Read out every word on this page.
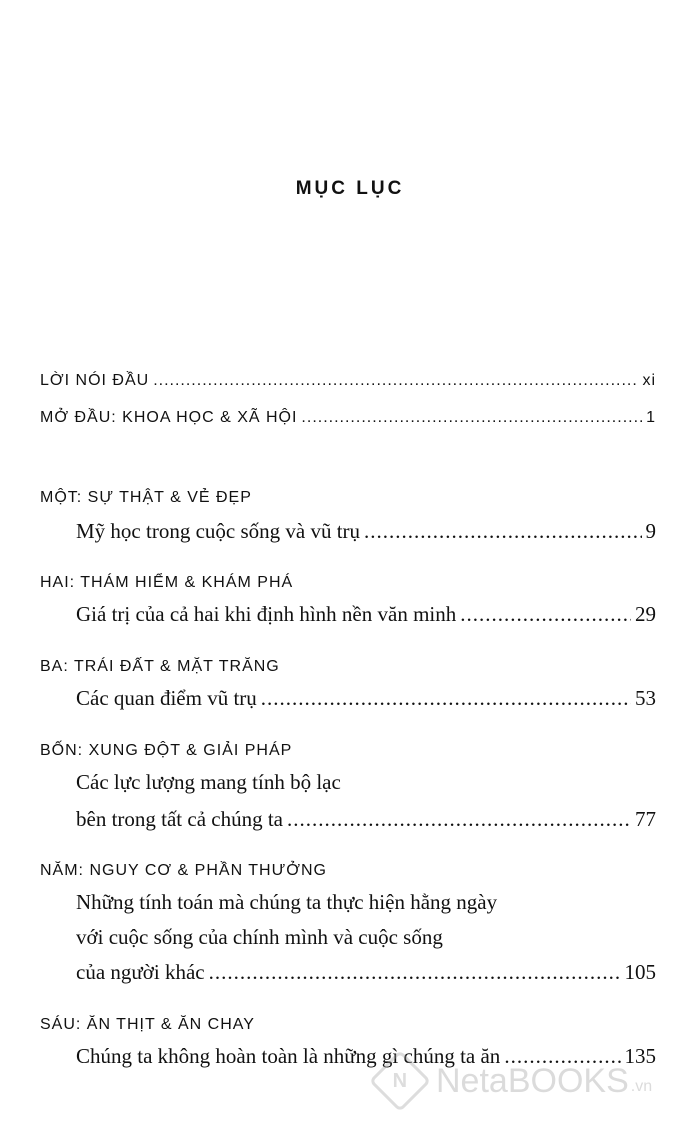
MỤC LỤC
LỜI NÓI ĐẦU .....	xi
MỞ ĐẦU: KHOA HỌC & XÃ HỘI .....	1
MỘT: SỰ THẬT & VẺ ĐẸP
Mỹ học trong cuộc sống và vũ trụ .....	9
HAI: THÁM HIỂM & KHÁM PHÁ
Giá trị của cả hai khi định hình nền văn minh .....	29
BA: TRÁI ĐẤT & MẶT TRĂNG
Các quan điểm vũ trụ .....	53
BỐN: XUNG ĐỘT & GIẢI PHÁP
Các lực lượng mang tính bộ lạc
bên trong tất cả chúng ta .....	77
NĂM: NGUY CƠ & PHẦN THƯỞNG
Những tính toán mà chúng ta thực hiện hằng ngày
với cuộc sống của chính mình và cuộc sống
của người khác .....	105
SÁU: ĂN THỊT & ĂN CHAY
Chúng ta không hoàn toàn là những gì chúng ta ăn .....	135
N NetaBOOKS .vn
